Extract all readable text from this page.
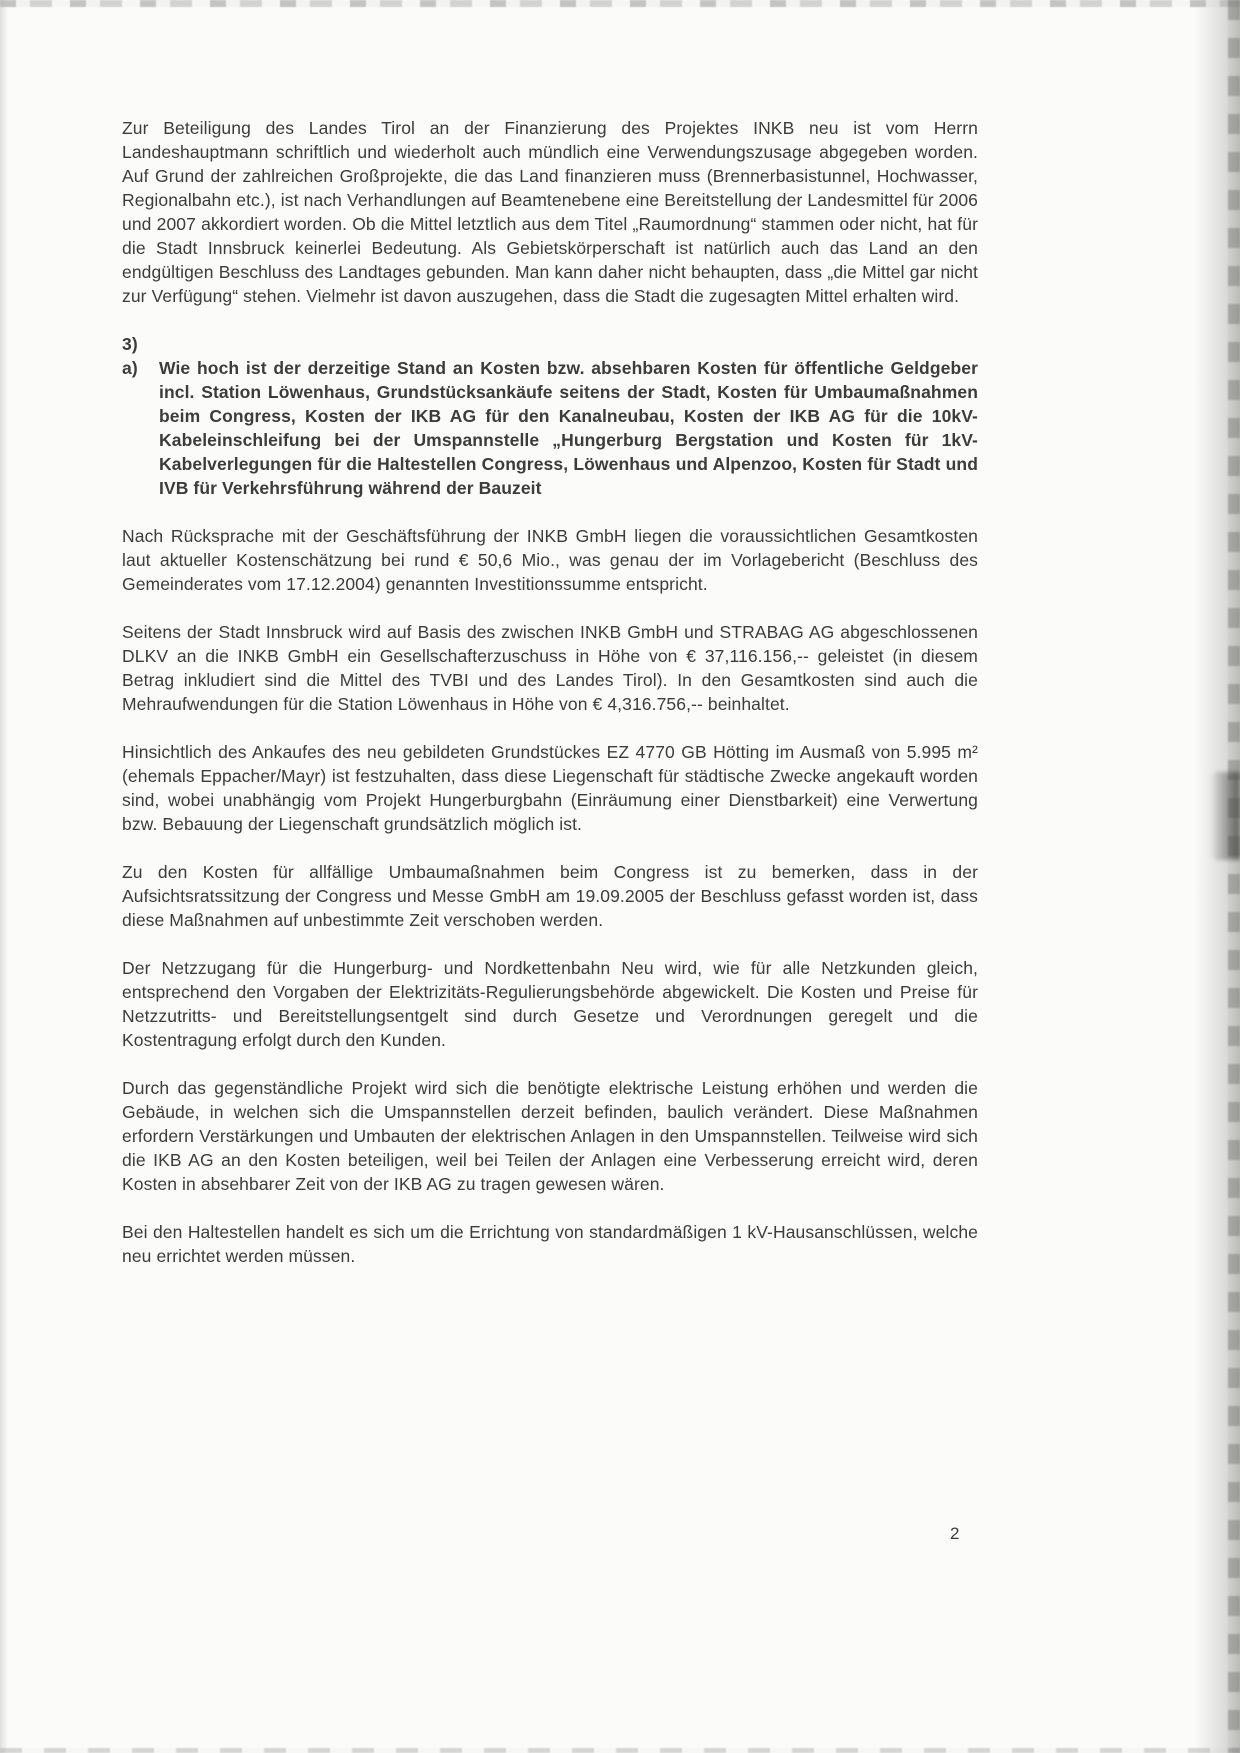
Zur Beteiligung des Landes Tirol an der Finanzierung des Projektes INKB neu ist vom Herrn Landeshauptmann schriftlich und wiederholt auch mündlich eine Verwendungszusage abgegeben worden. Auf Grund der zahlreichen Großprojekte, die das Land finanzieren muss (Brennerbasistunnel, Hochwasser, Regionalbahn etc.), ist nach Verhandlungen auf Beamtenebene eine Bereitstellung der Landesmittel für 2006 und 2007 akkordiert worden. Ob die Mittel letztlich aus dem Titel „Raumordnung“ stammen oder nicht, hat für die Stadt Innsbruck keinerlei Bedeutung. Als Gebietskörperschaft ist natürlich auch das Land an den endgültigen Beschluss des Landtages gebunden. Man kann daher nicht behaupten, dass „die Mittel gar nicht zur Verfügung“ stehen. Vielmehr ist davon auszugehen, dass die Stadt die zugesagten Mittel erhalten wird.

3)
a)	Wie hoch ist der derzeitige Stand an Kosten bzw. absehbaren Kosten für öffentliche Geldgeber incl. Station Löwenhaus, Grundstücksankäufe seitens der Stadt, Kosten für Umbaumaßnahmen beim Congress, Kosten der IKB AG für den Kanalneubau, Kosten der IKB AG für die 10kV-Kabeleinschleifung bei der Umspannstelle „Hungerburg Bergstation und Kosten für 1kV-Kabelverlegungen für die Haltestellen Congress, Löwenhaus und Alpenzoo, Kosten für Stadt und IVB für Verkehrsführung während der Bauzeit

Nach Rücksprache mit der Geschäftsführung der INKB GmbH liegen die voraussichtlichen Gesamtkosten laut aktueller Kostenschätzung bei rund € 50,6 Mio., was genau der im Vorlagebericht (Beschluss des Gemeinderates vom 17.12.2004) genannten Investitionssumme entspricht.

Seitens der Stadt Innsbruck wird auf Basis des zwischen INKB GmbH und STRABAG AG abgeschlossenen DLKV an die INKB GmbH ein Gesellschafterzuschuss in Höhe von € 37,116.156,-- geleistet (in diesem Betrag inkludiert sind die Mittel des TVBI und des Landes Tirol). In den Gesamtkosten sind auch die Mehraufwendungen für die Station Löwenhaus in Höhe von € 4,316.756,-- beinhaltet.

Hinsichtlich des Ankaufes des neu gebildeten Grundstückes EZ 4770 GB Hötting im Ausmaß von 5.995 m² (ehemals Eppacher/Mayr) ist festzuhalten, dass diese Liegenschaft für städtische Zwecke angekauft worden sind, wobei unabhängig vom Projekt Hungerburgbahn (Einräumung einer Dienstbarkeit) eine Verwertung bzw. Bebauung der Liegenschaft grundsätzlich möglich ist.

Zu den Kosten für allfällige Umbaumaßnahmen beim Congress ist zu bemerken, dass in der Aufsichtsratssitzung der Congress und Messe GmbH am 19.09.2005 der Beschluss gefasst worden ist, dass diese Maßnahmen auf unbestimmte Zeit verschoben werden.

Der Netzzugang für die Hungerburg- und Nordkettenbahn Neu wird, wie für alle Netzkunden gleich, entsprechend den Vorgaben der Elektrizitäts-Regulierungsbehörde abgewickelt. Die Kosten und Preise für Netzzutritts- und Bereitstellungsentgelt sind durch Gesetze und Verordnungen geregelt und die Kostentragung erfolgt durch den Kunden.

Durch das gegenständliche Projekt wird sich die benötigte elektrische Leistung erhöhen und werden die Gebäude, in welchen sich die Umspannstellen derzeit befinden, baulich verändert. Diese Maßnahmen erfordern Verstärkungen und Umbauten der elektrischen Anlagen in den Umspannstellen. Teilweise wird sich die IKB AG an den Kosten beteiligen, weil bei Teilen der Anlagen eine Verbesserung erreicht wird, deren Kosten in absehbarer Zeit von der IKB AG zu tragen gewesen wären.

Bei den Haltestellen handelt es sich um die Errichtung von standardmäßigen 1 kV-Hausanschlüssen, welche neu errichtet werden müssen.

2
